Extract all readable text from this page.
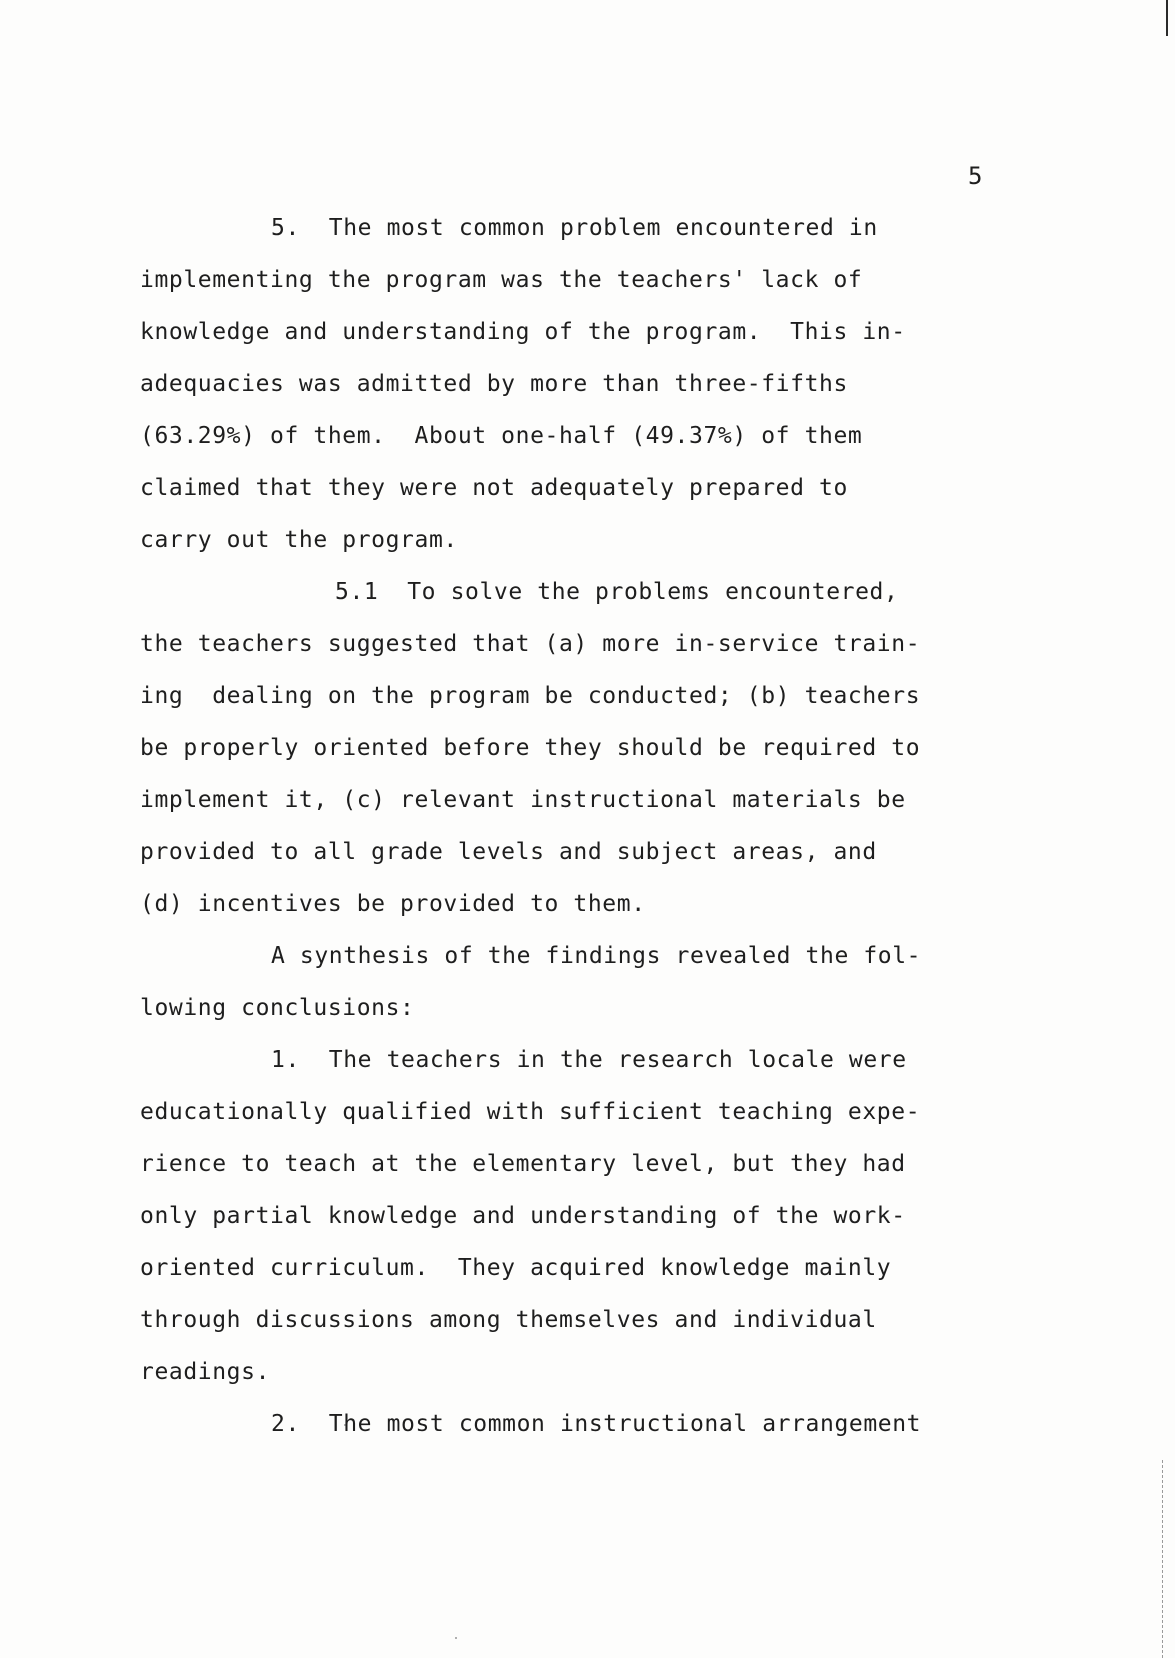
5
5.  The most common problem encountered in
implementing the program was the teachers' lack of
knowledge and understanding of the program.  This in-
adequacies was admitted by more than three-fifths
(63.29%) of them.  About one-half (49.37%) of them
claimed that they were not adequately prepared to
carry out the program.
5.1  To solve the problems encountered,
the teachers suggested that (a) more in-service train-
ing  dealing on the program be conducted; (b) teachers
be properly oriented before they should be required to
implement it, (c) relevant instructional materials be
provided to all grade levels and subject areas, and
(d) incentives be provided to them.
A synthesis of the findings revealed the fol-
lowing conclusions:
1.  The teachers in the research locale were
educationally qualified with sufficient teaching expe-
rience to teach at the elementary level, but they had
only partial knowledge and understanding of the work-
oriented curriculum.  They acquired knowledge mainly
through discussions among themselves and individual
readings.
2.  The most common instructional arrangement
